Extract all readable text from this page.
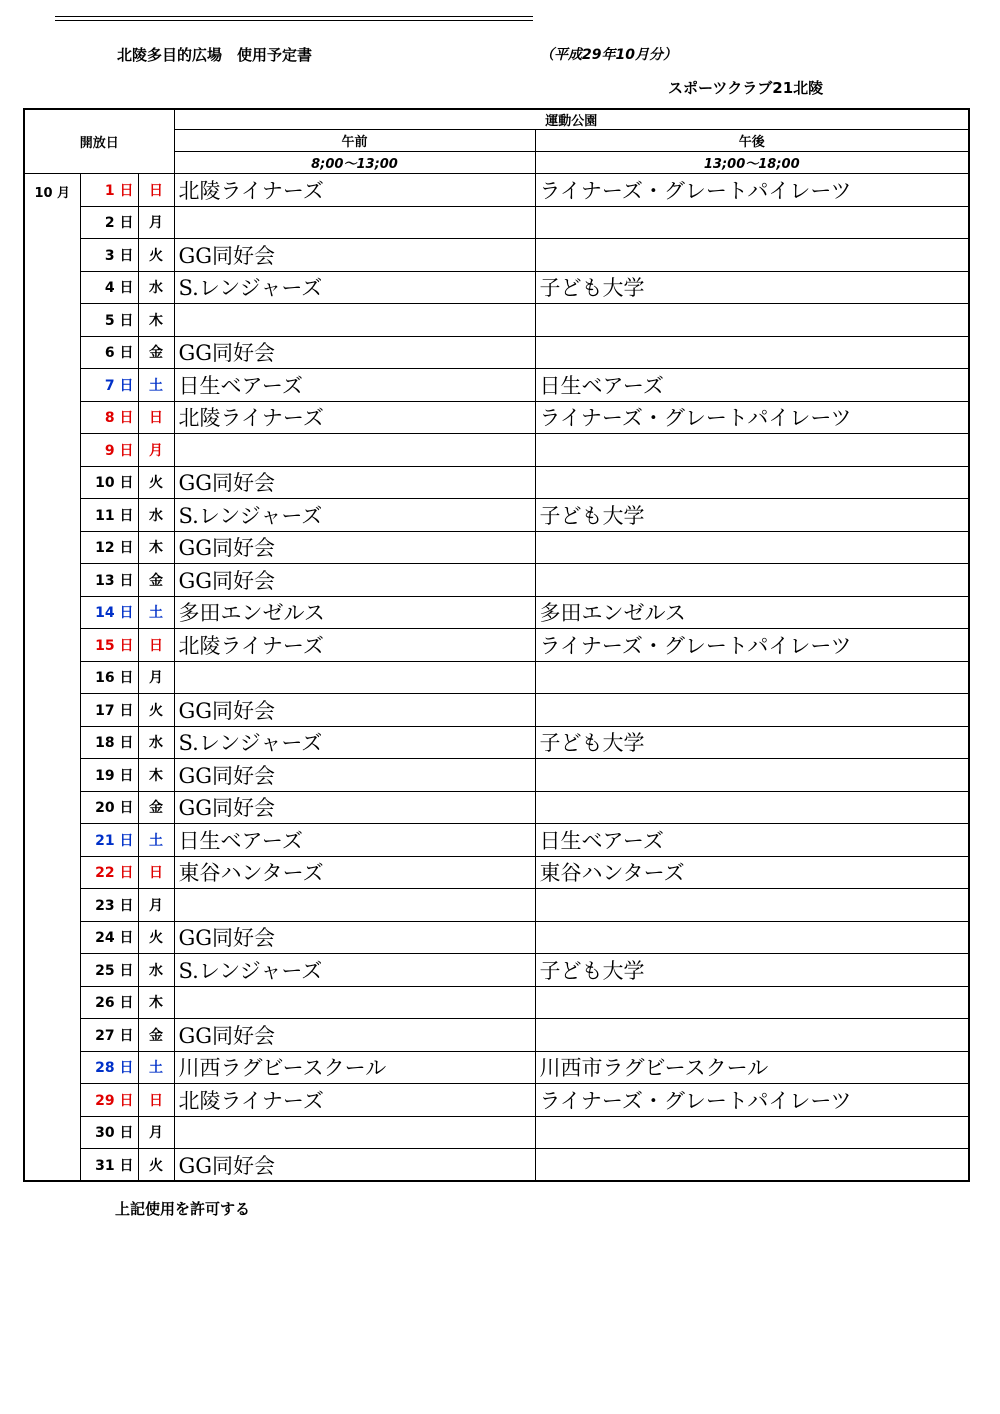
北陵多目的広場　使用予定書	（平成29年10月分）
スポーツクラブ21北陵
開放日			運動公園	
			午前	午後
			8;00～13;00	13;00～18;00
10 月	1 日	日	北陵ライナーズ	ライナーズ・グレートパイレーツ
	2 日	月		
	3 日	火	GG同好会	
	4 日	水	S.レンジャーズ	子ども大学
	5 日	木		
	6 日	金	GG同好会	
	7 日	土	日生ベアーズ	日生ベアーズ
	8 日	日	北陵ライナーズ	ライナーズ・グレートパイレーツ
	9 日	月		
	10 日	火	GG同好会	
	11 日	水	S.レンジャーズ	子ども大学
	12 日	木	GG同好会	
	13 日	金	GG同好会	
	14 日	土	多田エンゼルス	多田エンゼルス
	15 日	日	北陵ライナーズ	ライナーズ・グレートパイレーツ
	16 日	月		
	17 日	火	GG同好会	
	18 日	水	S.レンジャーズ	子ども大学
	19 日	木	GG同好会	
	20 日	金	GG同好会	
	21 日	土	日生ベアーズ	日生ベアーズ
	22 日	日	東谷ハンターズ	東谷ハンターズ
	23 日	月		
	24 日	火	GG同好会	
	25 日	水	S.レンジャーズ	子ども大学
	26 日	木		
	27 日	金	GG同好会	
	28 日	土	川西ラグビースクール	川西市ラグビースクール
	29 日	日	北陵ライナーズ	ライナーズ・グレートパイレーツ
	30 日	月		
	31 日	火	GG同好会	
上記使用を許可する
